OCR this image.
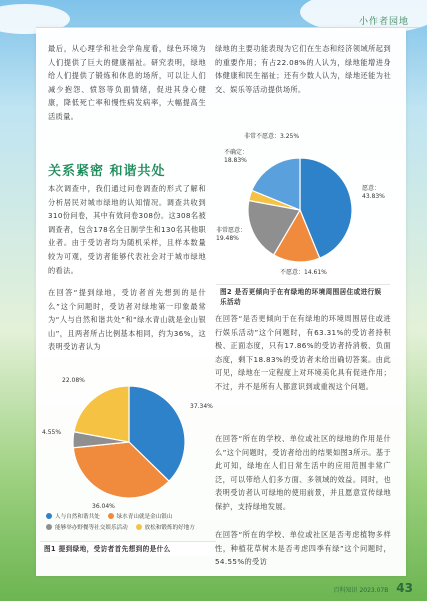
小作者园地

最后，从心理学和社会学角度看，绿色环境为人们提供了巨大的健康福祉。研究表明，绿地给人们提供了锻炼和休息的场所，可以让人们减少抱怨、愤怒等负面情绪，促进其身心健康，降低死亡率和慢性病发病率，大幅提高生活质量。

关系紧密 和谐共处

本次调查中，我们通过问卷调查的形式了解和分析居民对城市绿地的认知情况。调查共收到310份问卷，其中有效问卷308份。这308名被调查者，包含178名全日制学生和130名其他职业者。由于受访者均为随机采样，且样本数量较为可观，受访者能够代表社会对于城市绿地的看法。

在回答“提到绿地，受访者首先想到的是什么”这个问题时，受访者对绿地第一印象最常为“人与自然和谐共处”和“绿水青山就是金山银山”，且两者所占比例基本相同，约为36%，这表明受访者认为

37.34%
36.04%
4.55%
22.08%
人与自然和谐共处
	绿水青山就是金山银山

能够举办野餐等社交娱乐活动
	放松和锻炼的好地方
图1 提到绿地，受访者首先想到的是什么

绿地的主要功能表现为它们在生态和经济领域所起到的重要作用；有占22.08%的人认为，绿地能增进身体健康和民生福祉；还有少数人认为，绿地还能为社交、娱乐等活动提供场所。

愿意：
43.83%
不愿意：14.61%
非常愿意：
19.48%
非常不愿意：3.25%
不确定：
18.83%
图2 是否更倾向于在有绿地的环境周围居住或进行娱乐活动

在回答“是否更倾向于在有绿地的环境周围居住或进行娱乐活动”这个问题时，有63.31%的受访者持积极、正面态度，只有17.86%的受访者持消极、负面态度，剩下18.83%的受访者未给出确切答案。由此可见，绿地在一定程度上对环境美化具有促进作用；不过，并不是所有人都意识到或重视这个问题。

在回答“所在的学校、单位或社区的绿地的作用是什么”这个问题时，受访者给出的结果如图3所示。基于此可知，绿地在人们日常生活中的应用范围非常广泛，可以带给人们多方面、多领域的效益。同时，也表明受访者认可绿地的使用前景，并且愿意宣传绿地保护，支持绿地发展。

在回答“所在的学校、单位或社区是否考虑植物多样性，种植花草树木是否考虑四季有绿”这个问题时，54.55%的受访

百科知识 2023.07B 43
